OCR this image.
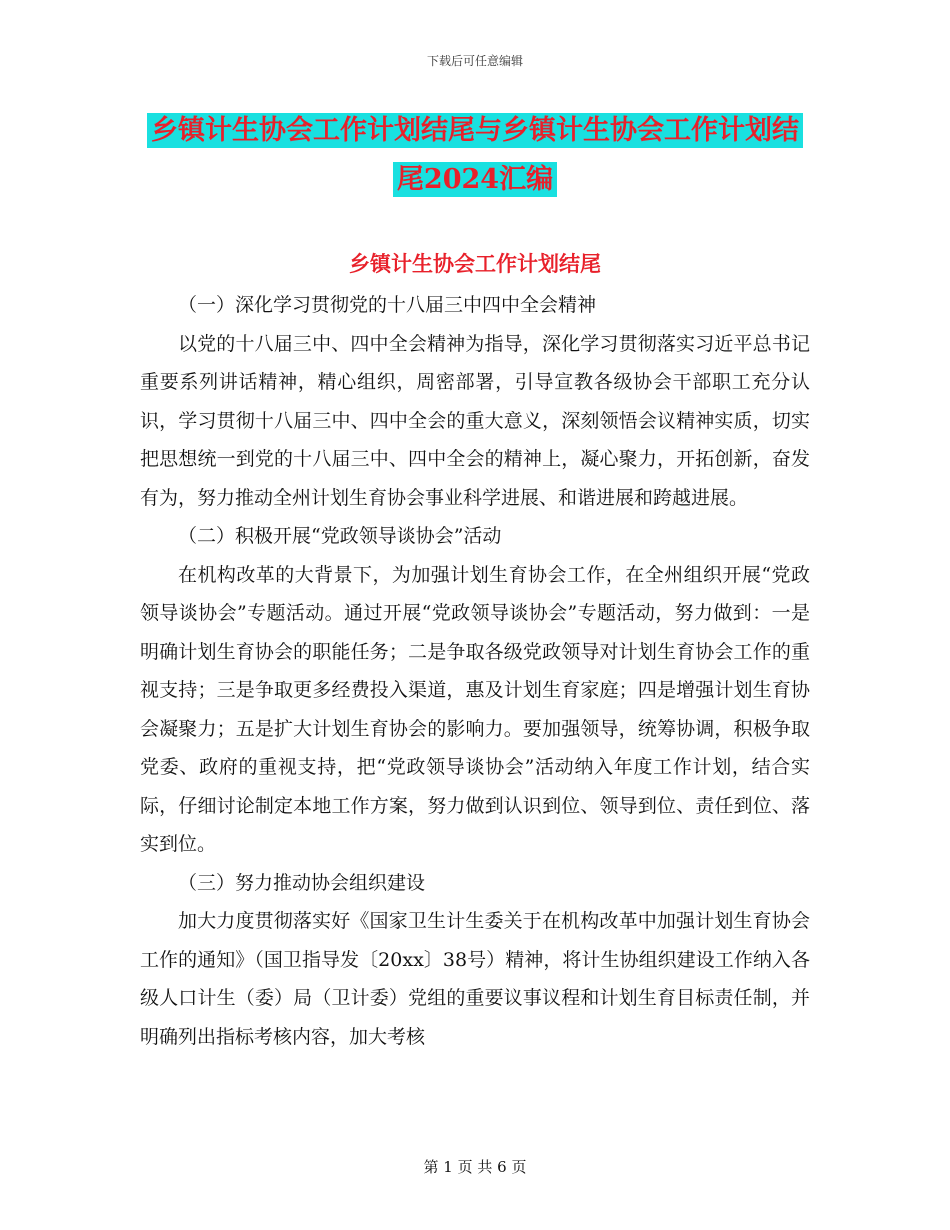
下载后可任意编辑
乡镇计生协会工作计划结尾与乡镇计生协会工作计划结尾2024汇编
乡镇计生协会工作计划结尾

（一）深化学习贯彻党的十八届三中四中全会精神

以党的十八届三中、四中全会精神为指导，深化学习贯彻落实习近平总书记重要系列讲话精神，精心组织，周密部署，引导宣教各级协会干部职工充分认识，学习贯彻十八届三中、四中全会的重大意义，深刻领悟会议精神实质，切实把思想统一到党的十八届三中、四中全会的精神上，凝心聚力，开拓创新，奋发有为，努力推动全州计划生育协会事业科学进展、和谐进展和跨越进展。

（二）积极开展“党政领导谈协会”活动

在机构改革的大背景下，为加强计划生育协会工作，在全州组织开展“党政领导谈协会”专题活动。通过开展“党政领导谈协会”专题活动，努力做到：一是明确计划生育协会的职能任务；二是争取各级党政领导对计划生育协会工作的重视支持；三是争取更多经费投入渠道，惠及计划生育家庭；四是增强计划生育协会凝聚力；五是扩大计划生育协会的影响力。要加强领导，统筹协调，积极争取党委、政府的重视支持，把“党政领导谈协会”活动纳入年度工作计划，结合实际，仔细讨论制定本地工作方案，努力做到认识到位、领导到位、责任到位、落实到位。

（三）努力推动协会组织建设

加大力度贯彻落实好《国家卫生计生委关于在机构改革中加强计划生育协会工作的通知》（国卫指导发〔20xx〕38号）精神，将计生协组织建设工作纳入各级人口计生（委）局（卫计委）党组的重要议事议程和计划生育目标责任制，并明确列出指标考核内容，加大考核

第 1 页 共 6 页
